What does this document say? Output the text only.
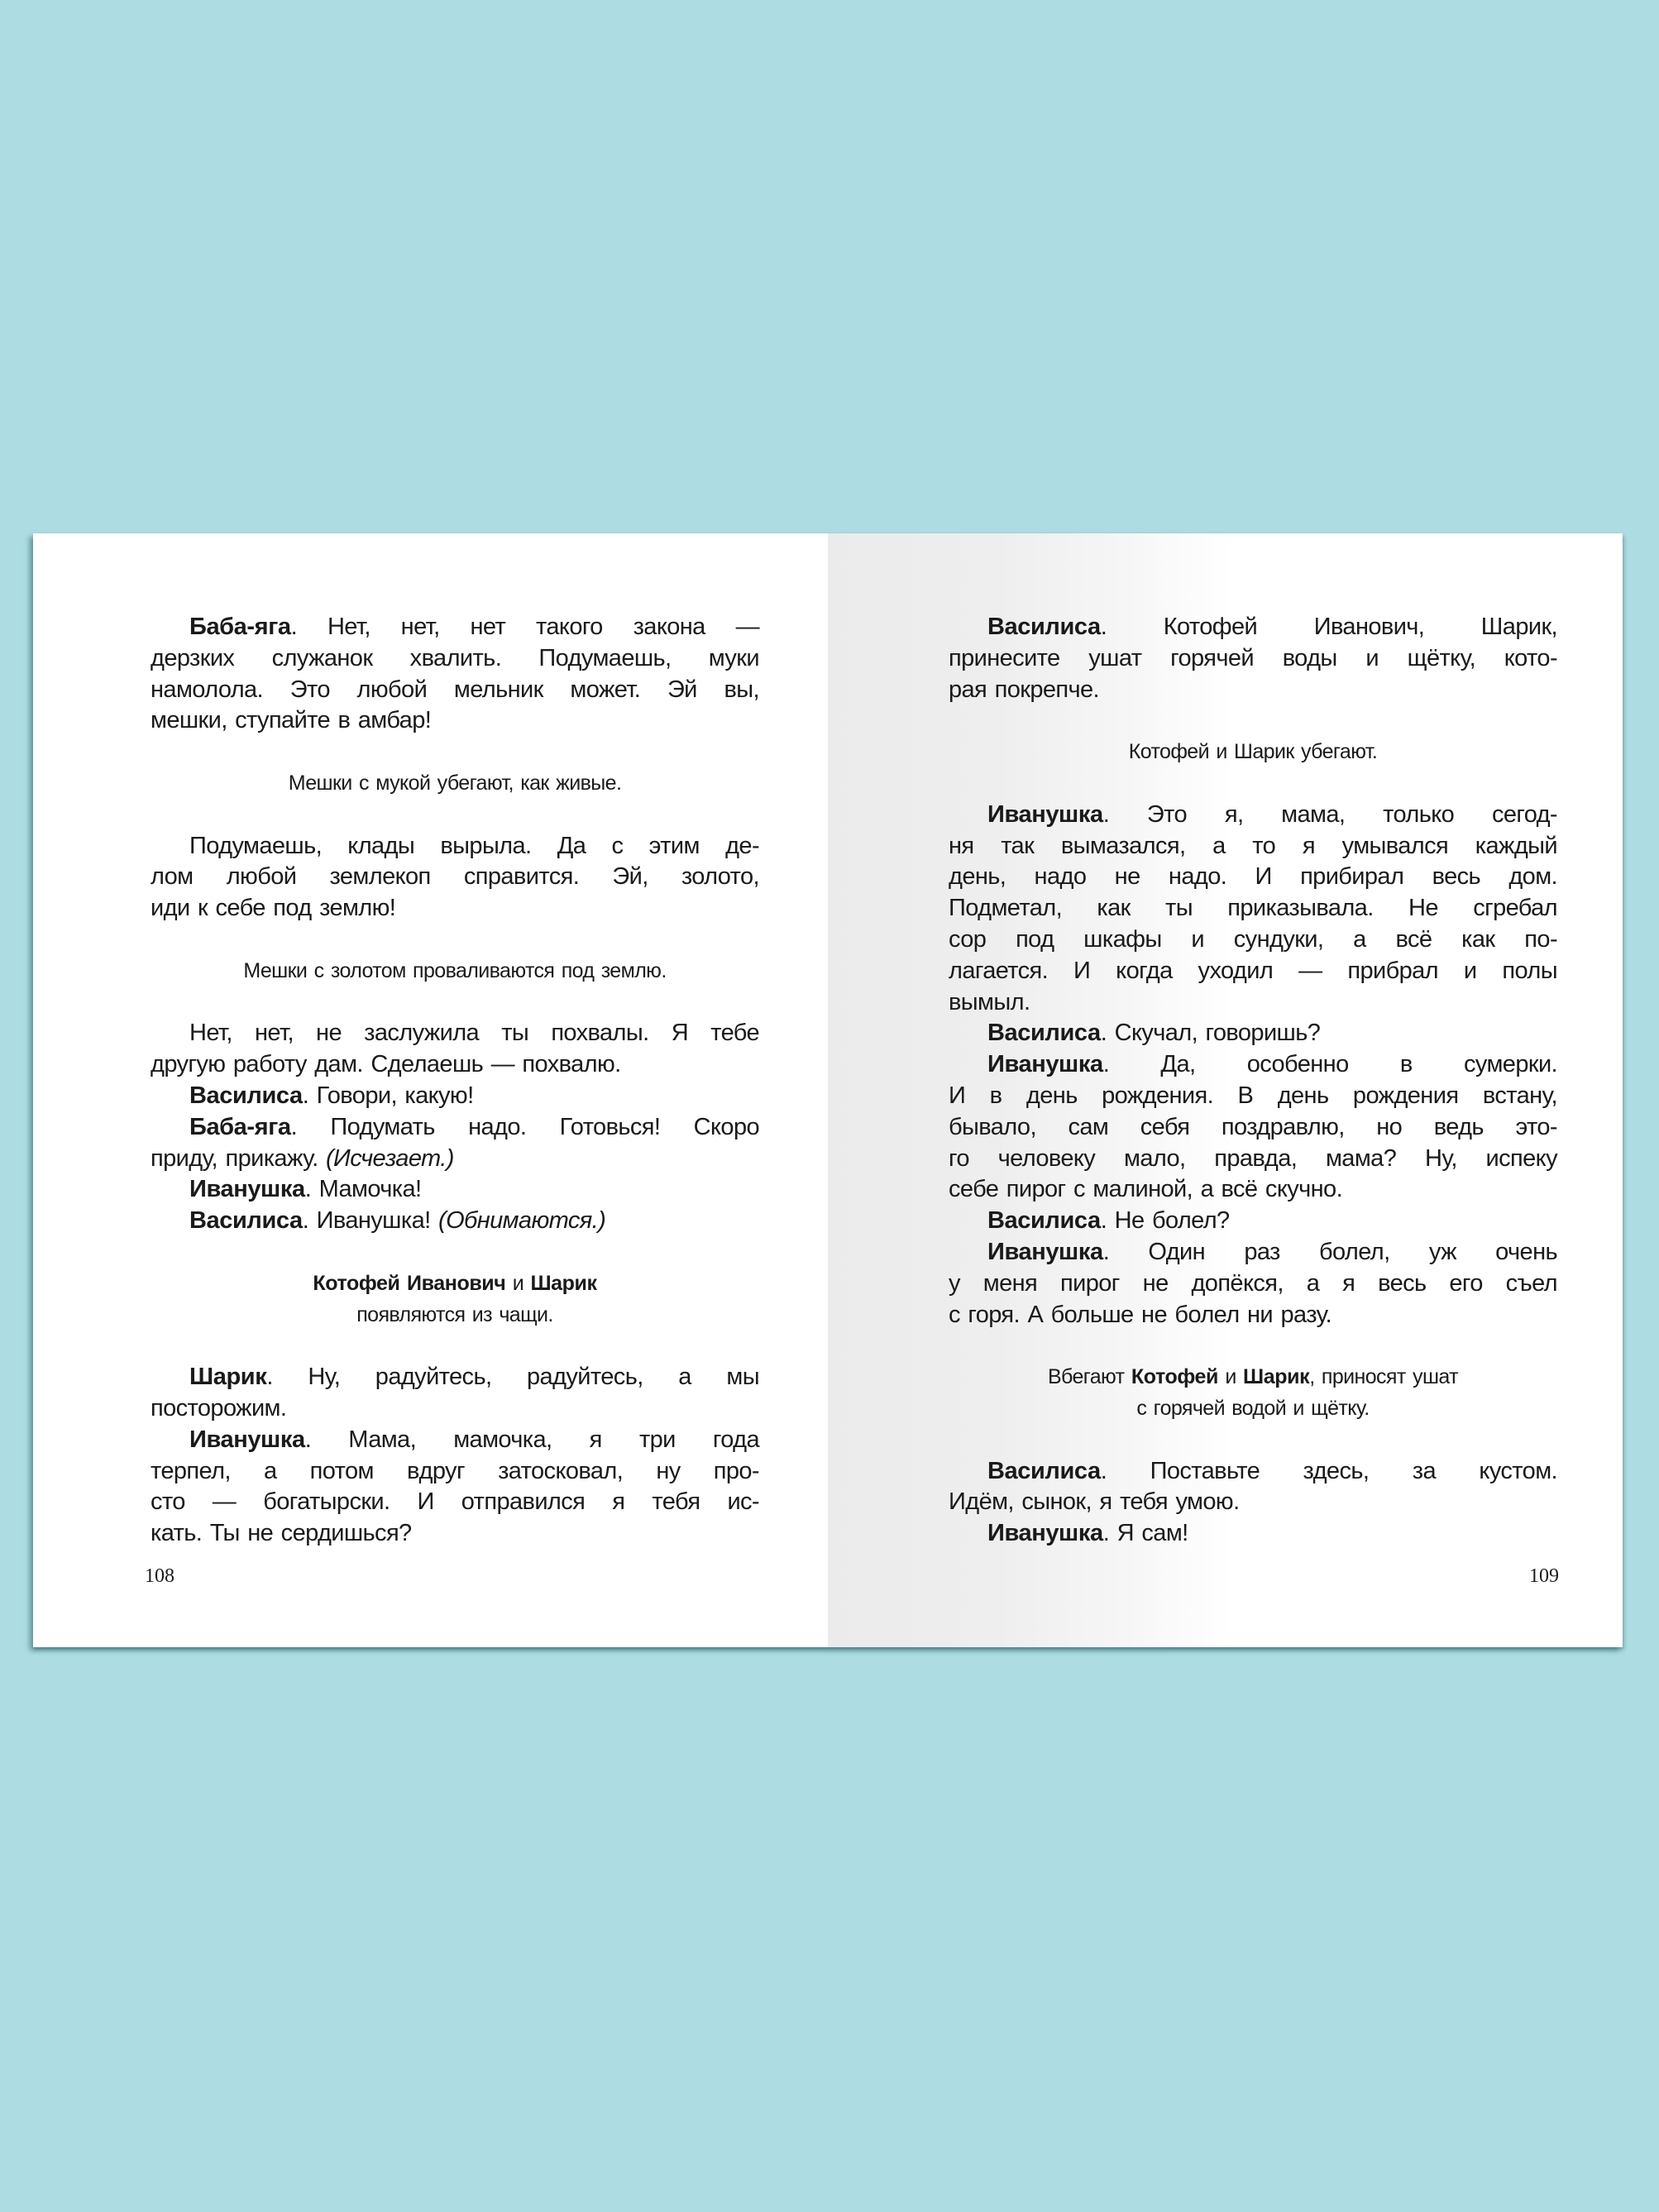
Баба-яга. Нет, нет, нет такого закона —
дерзких служанок хвалить. Подумаешь, муки
намолола. Это любой мельник может. Эй вы,
мешки, ступайте в амбар!
Мешки с мукой убегают, как живые.
Подумаешь, клады вырыла. Да с этим де-
лом любой землекоп справится. Эй, золото,
иди к себе под землю!
Мешки с золотом проваливаются под землю.
Нет, нет, не заслужила ты похвалы. Я тебе
другую работу дам. Сделаешь — похвалю.
Василиса. Говори, какую!
Баба-яга. Подумать надо. Готовься! Скоро
приду, прикажу. (Исчезает.)
Иванушка. Мамочка!
Василиса. Иванушка! (Обнимаются.)
Котофей Иванович и Шарик
появляются из чащи.
Шарик. Ну, радуйтесь, радуйтесь, а мы
посторожим.
Иванушка. Мама, мамочка, я три года
терпел, а потом вдруг затосковал, ну про-
сто — богатырски. И отправился я тебя ис-
кать. Ты не сердишься?
108
Василиса. Котофей Иванович, Шарик,
принесите ушат горячей воды и щётку, кото-
рая покрепче.
Котофей и Шарик убегают.
Иванушка. Это я, мама, только сегод-
ня так вымазался, а то я умывался каждый
день, надо не надо. И прибирал весь дом.
Подметал, как ты приказывала. Не сгребал
сор под шкафы и сундуки, а всё как по-
лагается. И когда уходил — прибрал и полы
вымыл.
Василиса. Скучал, говоришь?
Иванушка. Да, особенно в сумерки.
И в день рождения. В день рождения встану,
бывало, сам себя поздравлю, но ведь это-
го человеку мало, правда, мама? Ну, испеку
себе пирог с малиной, а всё скучно.
Василиса. Не болел?
Иванушка. Один раз болел, уж очень
у меня пирог не допёкся, а я весь его съел
с горя. А больше не болел ни разу.
Вбегают Котофей и Шарик, приносят ушат
с горячей водой и щётку.
Василиса. Поставьте здесь, за кустом.
Идём, сынок, я тебя умою.
Иванушка. Я сам!
109
